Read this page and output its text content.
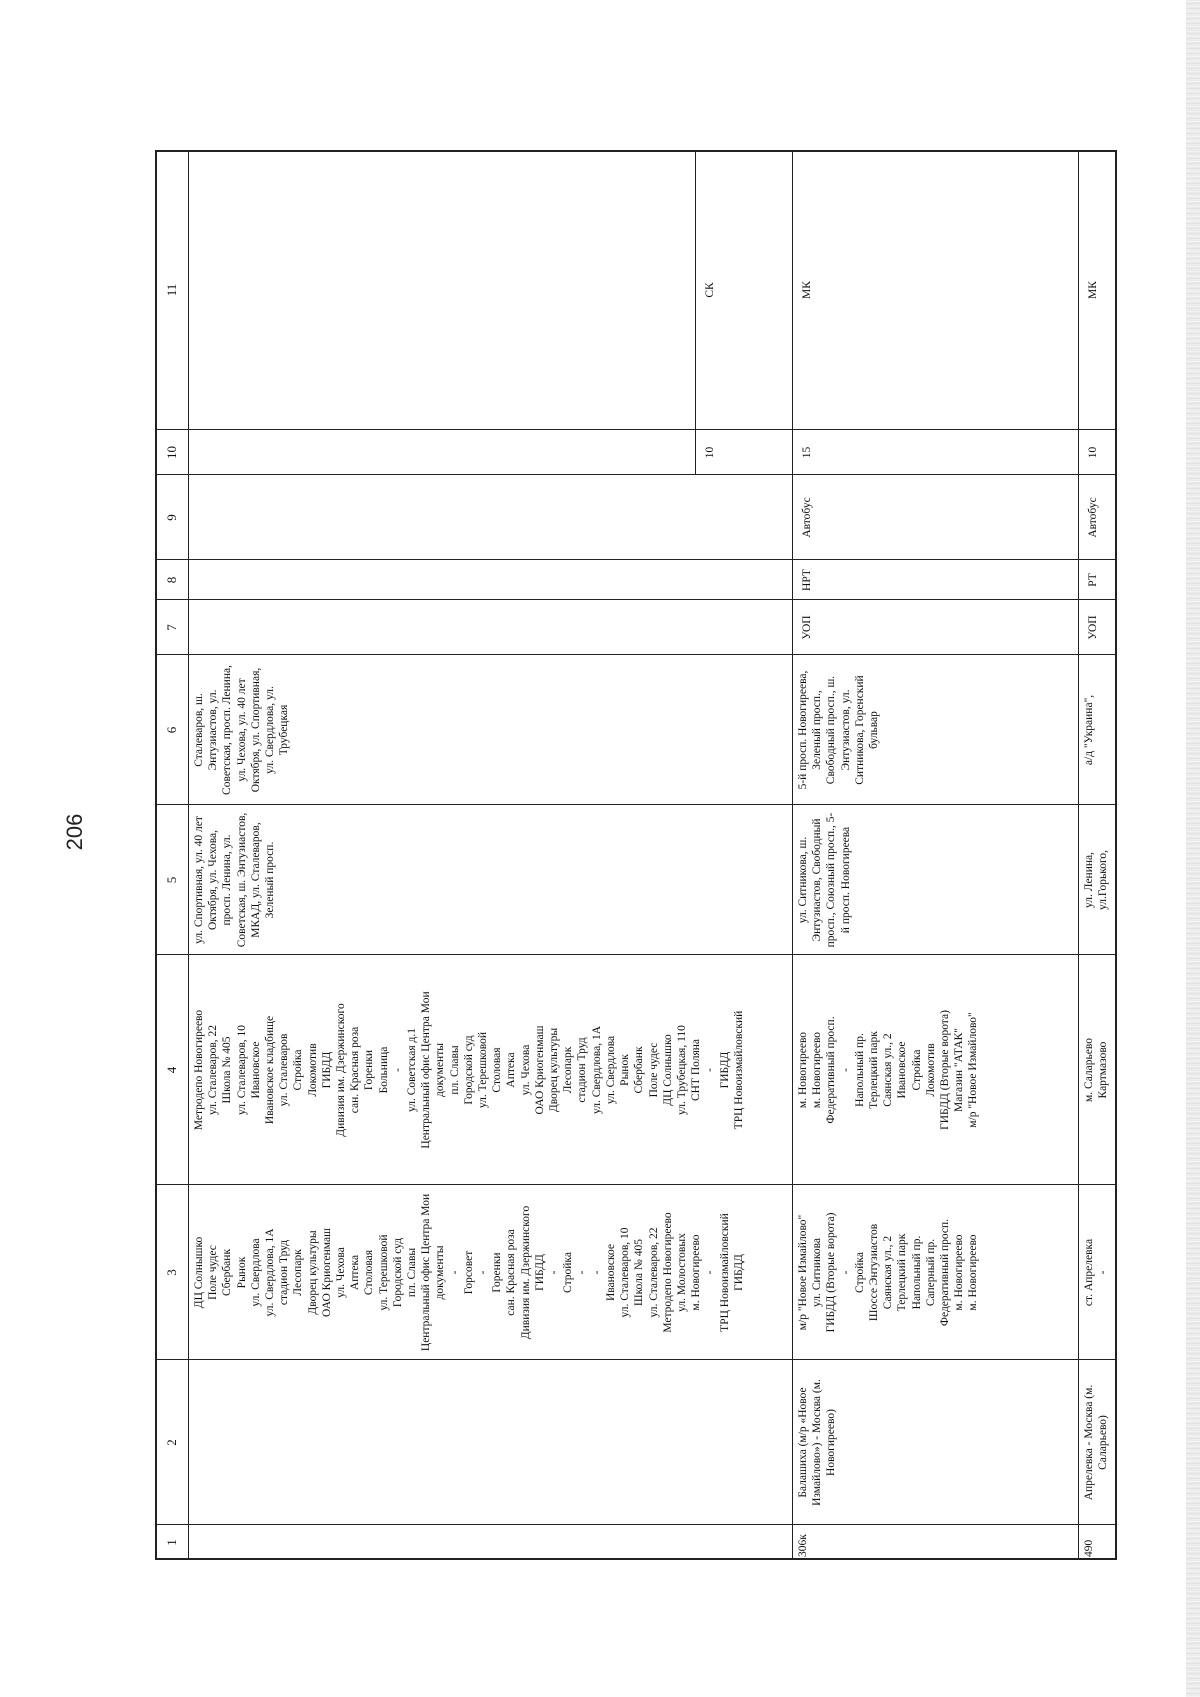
206
1
2
3
4
5
6
7
8
9
10
11
ДЦ Солнышко
Поле чудес
Сбербанк
Рынок
ул. Свердлова
ул. Свердлова, 1А
стадион Труд
Лесопарк
Дворец культуры
ОАО Криогенмаш
ул. Чехова
Аптека
Столовая
ул. Терешковой
Городской суд
пл. Славы
Центральный офис Центра Мои
документы
-
Горсовет
-
Горенки
сан. Красная роза
Дивизия им. Дзержинского
ГИБДД
-
Стройка
-
-
Ивановское
ул. Сталеваров, 10
Школа № 405
ул. Сталеваров, 22
Метродепо Новогиреево
ул. Молостовых
м. Новогиреево
-
ТРЦ Новоизмайловский
ГИБДД
Метродепо Новогиреево
ул. Сталеваров, 22
Школа № 405
ул. Сталеваров, 10
Ивановское
Ивановское кладбище
ул. Сталеваров
Стройка
Локомотив
ГИБДД
Дивизия им. Дзержинского
сан. Красная роза
Горенки
Больница
-
ул. Советская д.1
Центральный офис Центра Мои
документы
пл. Славы
Городской суд
ул. Терешковой
Столовая
Аптека
ул. Чехова
ОАО Криогенмаш
Дворец культуры
Лесопарк
стадион Труд
ул. Свердлова, 1А
ул. Свердлова
Рынок
Сбербанк
Поле чудес
ДЦ Солнышко
ул. Трубецкая, 110
СНТ Поляна
-
ГИБДД
ТРЦ Новоизмайловский
ул. Спортивная, ул. 40 лет
Октября, ул. Чехова,
просп. Ленина, ул.
Советская, ш. Энтузиастов,
МКАД, ул. Сталеваров,
Зеленый просп.
Сталеваров, ш.
Энтузиастов, ул.
Советская, просп. Ленина,
ул. Чехова, ул. 40 лет
Октября, ул. Спортивная,
ул. Свердлова, ул.
Трубецкая
10
СК
306к
Балашиха (м/р «Новое
Измайлово») - Москва (м.
Новогиреево)
м/р "Новое Измайлово"
ул. Ситникова
ГИБДД (Вторые ворота)
-
Стройка
Шоссе Энтузиастов
Саянская ул., 2
Терлецкий парк
Напольный пр.
Саперный пр.
Федеративный просп.
м. Новогиреево
м. Новогиреево
м. Новогиреево
м. Новогиреево
Федеративный просп.
-
Напольный пр.
Терлецкий парк
Саянская ул., 2
Ивановское
Стройка
Локомотив
ГИБДД (Вторые ворота)
Магазин "АТАК"
м/р "Новое Измайлово"
ул. Ситникова, ш.
Энтузиастов, Свободный
просп., Союзный просп., 5-
й просп. Новогиреева
5-й просп. Новогиреева,
Зеленый просп.,
Свободный просп., ш.
Энтузиастов, ул.
Ситникова, Горенский
бульвар
УОП
НРТ
Автобус
15
МК
490
Апрелевка - Москва (м.
Саларьево)
ст. Апрелевка
-
м. Саларьево
Картмазово
ул. Ленина,
ул.Горького,
а/д "Украина",
УОП
РТ
Автобус
10
МК
